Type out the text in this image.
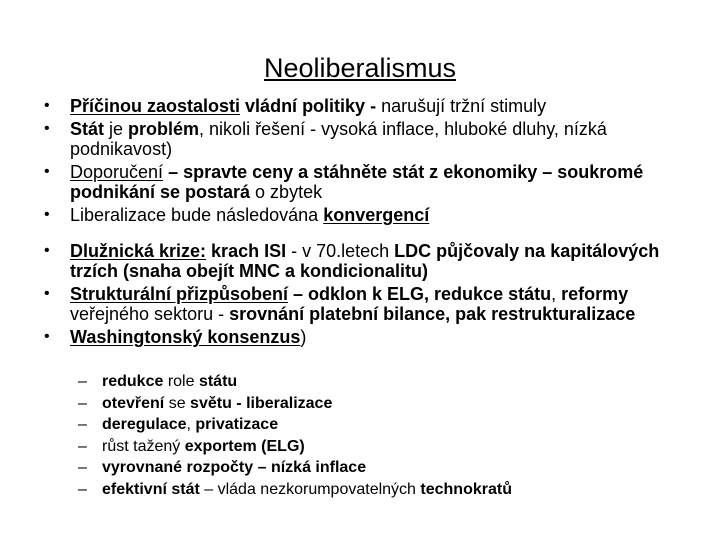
Neoliberalismus
• Příčinou zaostalosti vládní politiky - narušují tržní stimuly
• Stát je problém, nikoli řešení - vysoká inflace, hluboké dluhy, nízká podnikavost)
• Doporučení – spravte ceny a stáhněte stát z ekonomiky – soukromé podnikání se postará o zbytek
• Liberalizace bude následována konvergencí
• Dlužnická krize: krach ISI - v 70.letech LDC půjčovaly na kapitálových trzích (snaha obejít MNC a kondicionalitu)
• Strukturální přizpůsobení – odklon k ELG, redukce státu, reformy veřejného sektoru - srovnání platební bilance, pak restrukturalizace
• Washingtonský konsenzus)
– redukce role státu
– otevření se světu - liberalizace
– deregulace, privatizace
– růst tažený exportem (ELG)
– vyrovnané rozpočty – nízká inflace
– efektivní stát – vláda nezkorumpovatelných technokratů
